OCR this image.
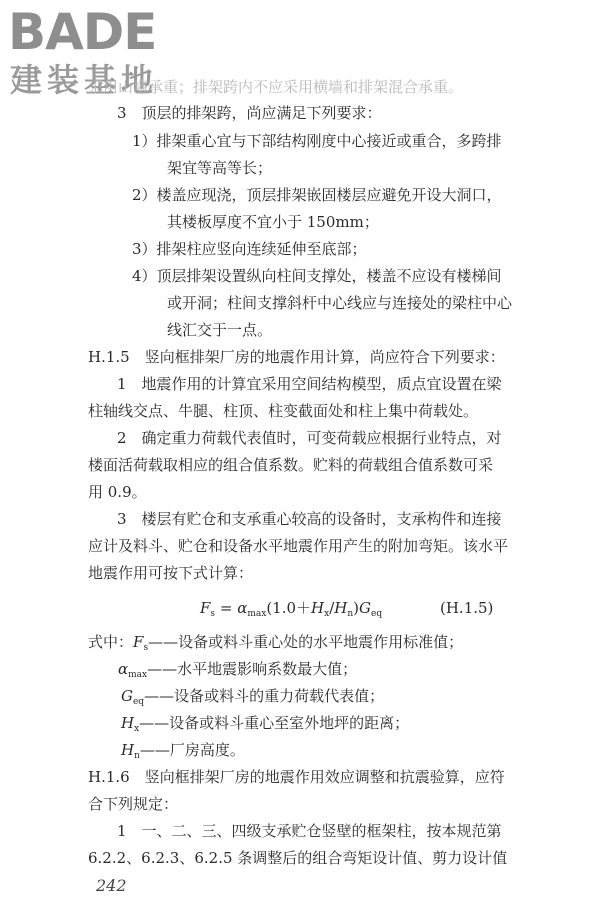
BADE
建装基地
采用山墙承重；排架跨内不应采用横墙和排架混合承重。
3　顶层的排架跨，尚应满足下列要求：
1）排架重心宜与下部结构刚度中心接近或重合，多跨排
架宜等高等长；
2）楼盖应现浇，顶层排架嵌固楼层应避免开设大洞口，
其楼板厚度不宜小于 150mm；
3）排架柱应竖向连续延伸至底部；
4）顶层排架设置纵向柱间支撑处，楼盖不应设有楼梯间
或开洞；柱间支撑斜杆中心线应与连接处的梁柱中心
线汇交于一点。
H.1.5　竖向框排架厂房的地震作用计算，尚应符合下列要求：
1　地震作用的计算宜采用空间结构模型，质点宜设置在梁
柱轴线交点、牛腿、柱顶、柱变截面处和柱上集中荷载处。
2　确定重力荷载代表值时，可变荷载应根据行业特点，对
楼面活荷载取相应的组合值系数。贮料的荷载组合值系数可采
用 0.9。
3　楼层有贮仓和支承重心较高的设备时，支承构件和连接
应计及料斗、贮仓和设备水平地震作用产生的附加弯矩。该水平
地震作用可按下式计算：
$F_s = \alpha_{max}(1.0+H_x/H_n)G_{eq}$	(H.1.5)
式中：$F_s——$设备或料斗重心处的水平地震作用标准值；
$\alpha_{max}——$水平地震影响系数最大值；
$G_{eq}——$设备或料斗的重力荷载代表值；
$H_x——$设备或料斗重心至室外地坪的距离；
$H_n——$厂房高度。
H.1.6　竖向框排架厂房的地震作用效应调整和抗震验算，应符
合下列规定：
1　一、二、三、四级支承贮仓竖壁的框架柱，按本规范第
6.2.2、6.2.3、6.2.5 条调整后的组合弯矩设计值、剪力设计值
242
